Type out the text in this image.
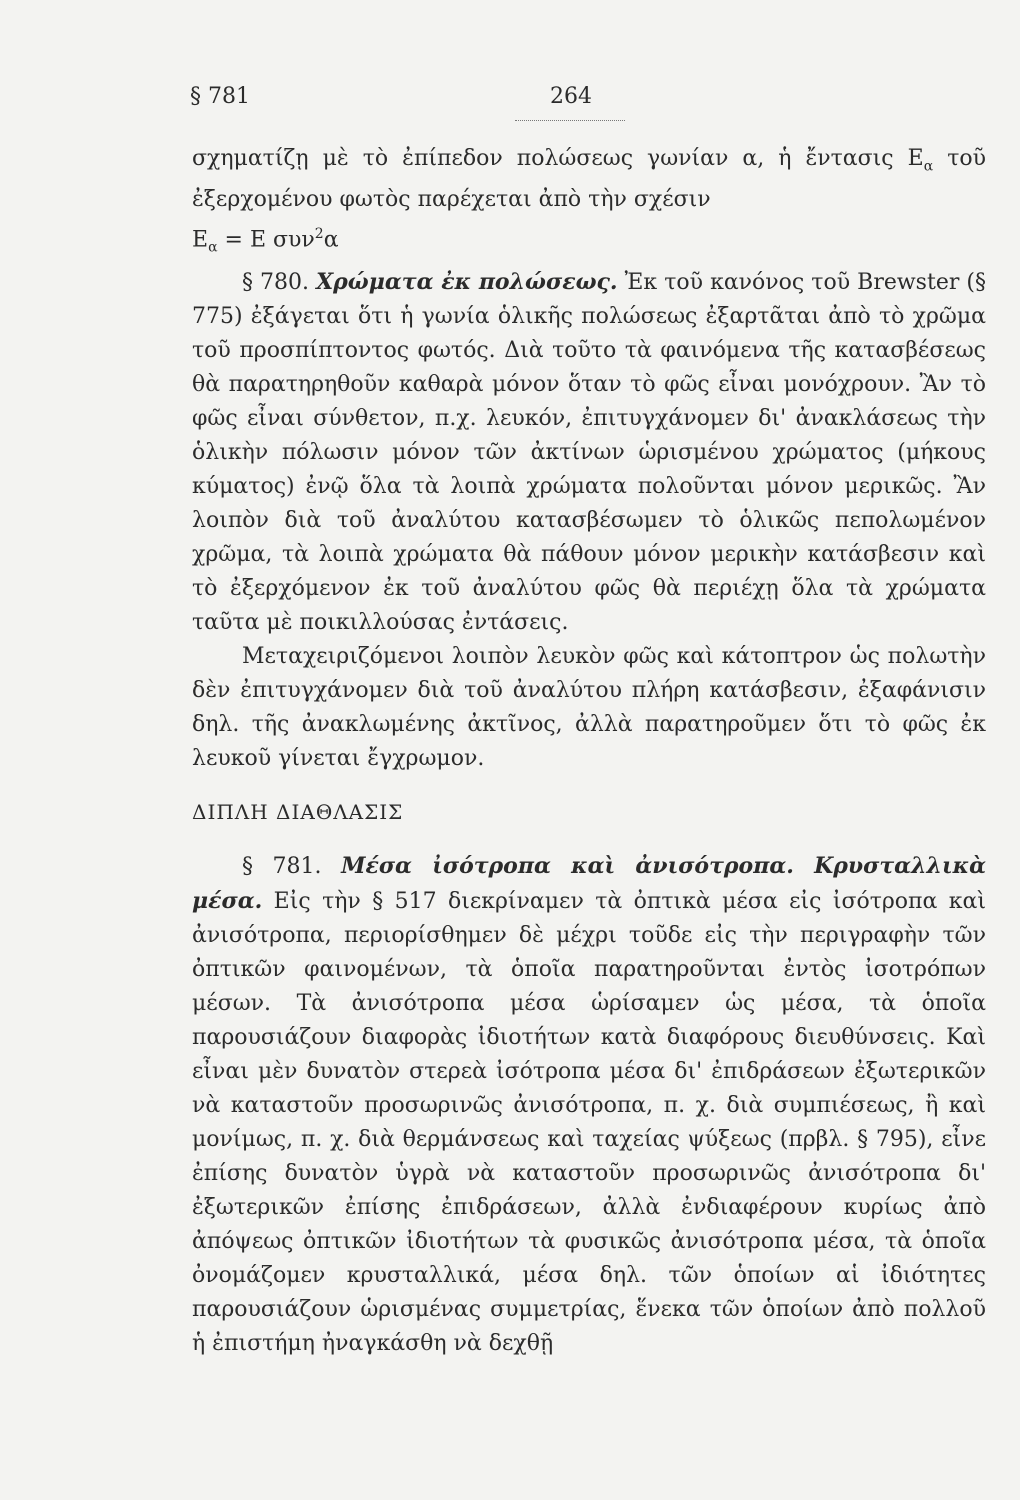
§ 781	264

σχηματίζῃ μὲ τὸ ἐπίπεδον πολώσεως γωνίαν α, ἡ ἔντασις $E_\alpha$ τοῦ ἐξερχομένου φωτὸς παρέχεται ἀπὸ τὴν σχέσιν

$E_\alpha = E$ συν$^2$α

§ 780. Χρώματα ἐκ πολώσεως. Ἐκ τοῦ κανόνος τοῦ Brewster (§ 775) ἐξάγεται ὅτι ἡ γωνία ὁλικῆς πολώσεως ἐξαρτᾶται ἀπὸ τὸ χρῶμα τοῦ προσπίπτοντος φωτός. Διὰ τοῦτο τὰ φαινόμενα τῆς κατασβέσεως θὰ παρατηρηθοῦν καθαρὰ μόνον ὅταν τὸ φῶς εἶναι μονόχρουν. Ἂν τὸ φῶς εἶναι σύνθετον, π.χ. λευκόν, ἐπιτυγχάνομεν δι' ἀνακλάσεως τὴν ὁλικὴν πόλωσιν μόνον τῶν ἀκτίνων ὡρισμένου χρώματος (μήκους κύματος) ἐνῷ ὅλα τὰ λοιπὰ χρώματα πολοῦνται μόνον μερικῶς. Ἂν λοιπὸν διὰ τοῦ ἀναλύτου κατασβέσωμεν τὸ ὁλικῶς πεπολωμένον χρῶμα, τὰ λοιπὰ χρώματα θὰ πάθουν μόνον μερικὴν κατάσβεσιν καὶ τὸ ἐξερχόμενον ἐκ τοῦ ἀναλύτου φῶς θὰ περιέχῃ ὅλα τὰ χρώματα ταῦτα μὲ ποικιλλούσας ἐντάσεις.

Μεταχειριζόμενοι λοιπὸν λευκὸν φῶς καὶ κάτοπτρον ὡς πολωτὴν δὲν ἐπιτυγχάνομεν διὰ τοῦ ἀναλύτου πλήρη κατάσβεσιν, ἐξαφάνισιν δηλ. τῆς ἀνακλωμένης ἀκτῖνος, ἀλλὰ παρατηροῦμεν ὅτι τὸ φῶς ἐκ λευκοῦ γίνεται ἔγχρωμον.

ΔΙΠΛΗ ΔΙΑΘΛΑΣΙΣ

§ 781. Μέσα ἰσότροπα καὶ ἀνισότροπα. Κρυσταλλικὰ μέσα. Εἰς τὴν § 517 διεκρίναμεν τὰ ὀπτικὰ μέσα εἰς ἰσότροπα καὶ ἀνισότροπα, περιορίσθημεν δὲ μέχρι τοῦδε εἰς τὴν περιγραφὴν τῶν ὀπτικῶν φαινομένων, τὰ ὁποῖα παρατηροῦνται ἐντὸς ἰσοτρόπων μέσων. Τὰ ἀνισότροπα μέσα ὡρίσαμεν ὡς μέσα, τὰ ὁποῖα παρουσιάζουν διαφορὰς ἰδιοτήτων κατὰ διαφόρους διευθύνσεις. Καὶ εἶναι μὲν δυνατὸν στερεὰ ἰσότροπα μέσα δι' ἐπιδράσεων ἐξωτερικῶν νὰ καταστοῦν προσωρινῶς ἀνισότροπα, π. χ. διὰ συμπιέσεως, ἢ καὶ μονίμως, π. χ. διὰ θερμάνσεως καὶ ταχείας ψύξεως (πρβλ. § 795), εἶνε ἐπίσης δυνατὸν ὑγρὰ νὰ καταστοῦν προσωρινῶς ἀνισότροπα δι' ἐξωτερικῶν ἐπίσης ἐπιδράσεων, ἀλλὰ ἐνδιαφέρουν κυρίως ἀπὸ ἀπόψεως ὀπτικῶν ἰδιοτήτων τὰ φυσικῶς ἀνισότροπα μέσα, τὰ ὁποῖα ὀνομάζομεν κρυσταλλικά, μέσα δηλ. τῶν ὁποίων αἱ ἰδιότητες παρουσιάζουν ὡρισμένας συμμετρίας, ἕνεκα τῶν ὁποίων ἀπὸ πολλοῦ ἡ ἐπιστήμη ἠναγκάσθη νὰ δεχθῇ
